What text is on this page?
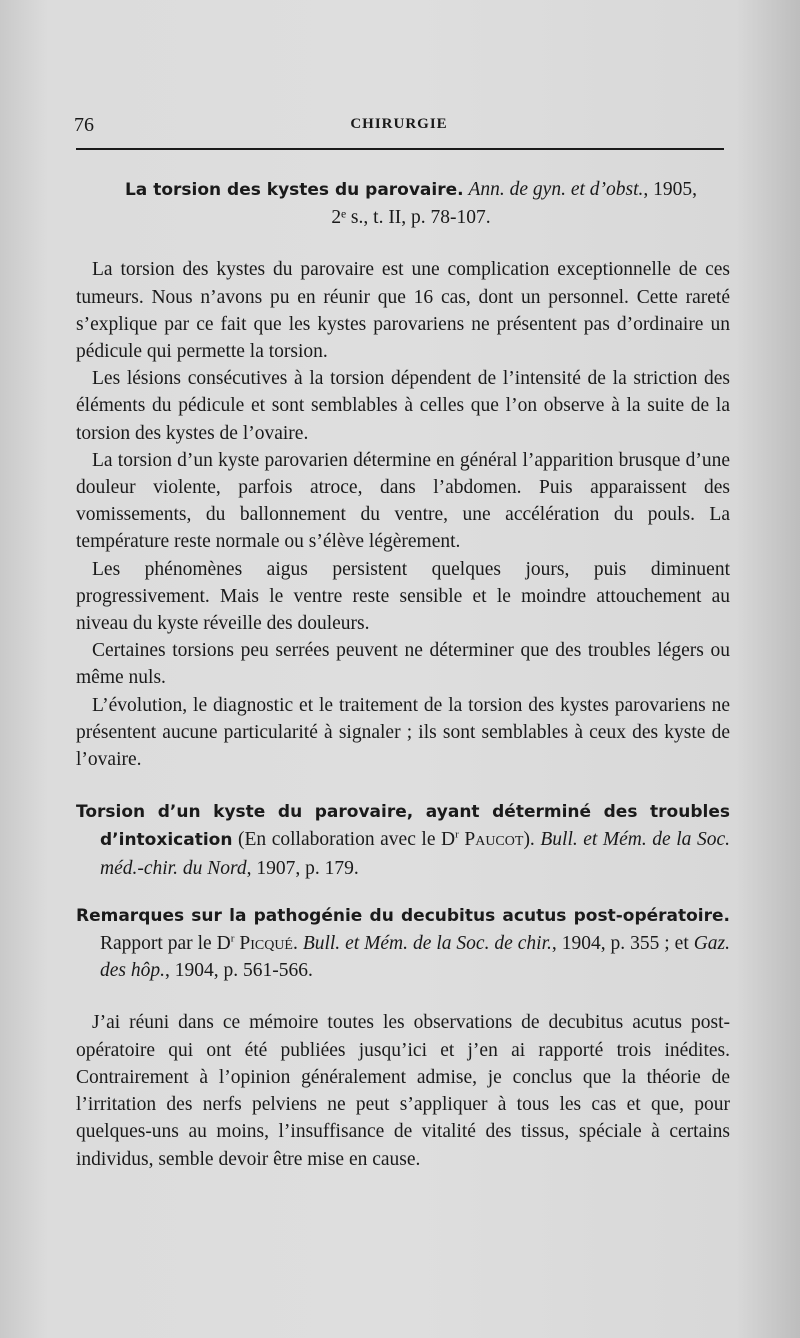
76	CHIRURGIE

La torsion des kystes du parovaire. Ann. de gyn. et d’obst., 1905,
2ᵉ s., t. II, p. 78-107.

La torsion des kystes du parovaire est une complication exceptionnelle de ces tumeurs. Nous n’avons pu en réunir que 16 cas, dont un personnel. Cette rareté s’explique par ce fait que les kystes parovariens ne présentent pas d’ordinaire un pédicule qui permette la torsion.

Les lésions consécutives à la torsion dépendent de l’intensité de la striction des éléments du pédicule et sont semblables à celles que l’on observe à la suite de la torsion des kystes de l’ovaire.

La torsion d’un kyste parovarien détermine en général l’apparition brusque d’une douleur violente, parfois atroce, dans l’abdomen. Puis apparaissent des vomissements, du ballonnement du ventre, une accélération du pouls. La température reste normale ou s’élève légèrement.

Les phénomènes aigus persistent quelques jours, puis diminuent progressivement. Mais le ventre reste sensible et le moindre attouchement au niveau du kyste réveille des douleurs.

Certaines torsions peu serrées peuvent ne déterminer que des troubles légers ou même nuls.

L’évolution, le diagnostic et le traitement de la torsion des kystes parovariens ne présentent aucune particularité à signaler ; ils sont semblables à ceux des kyste de l’ovaire.

Torsion d’un kyste du parovaire, ayant déterminé des troubles d’intoxication (En collaboration avec le $D^r$ Paucot). Bull. et Mém. de la Soc. méd.-chir. du Nord, 1907, p. 179.

Remarques sur la pathogénie du decubitus acutus post-opératoire. Rapport par le $D^r$ Picqué. Bull. et Mém. de la Soc. de chir., 1904, p. 355 ; et Gaz. des hôp., 1904, p. 561-566.

J’ai réuni dans ce mémoire toutes les observations de decubitus acutus post-opératoire qui ont été publiées jusqu’ici et j’en ai rapporté trois inédites. Contrairement à l’opinion généralement admise, je conclus que la théorie de l’irritation des nerfs pelviens ne peut s’appliquer à tous les cas et que, pour quelques-uns au moins, l’insuffisance de vitalité des tissus, spéciale à certains individus, semble devoir être mise en cause.
